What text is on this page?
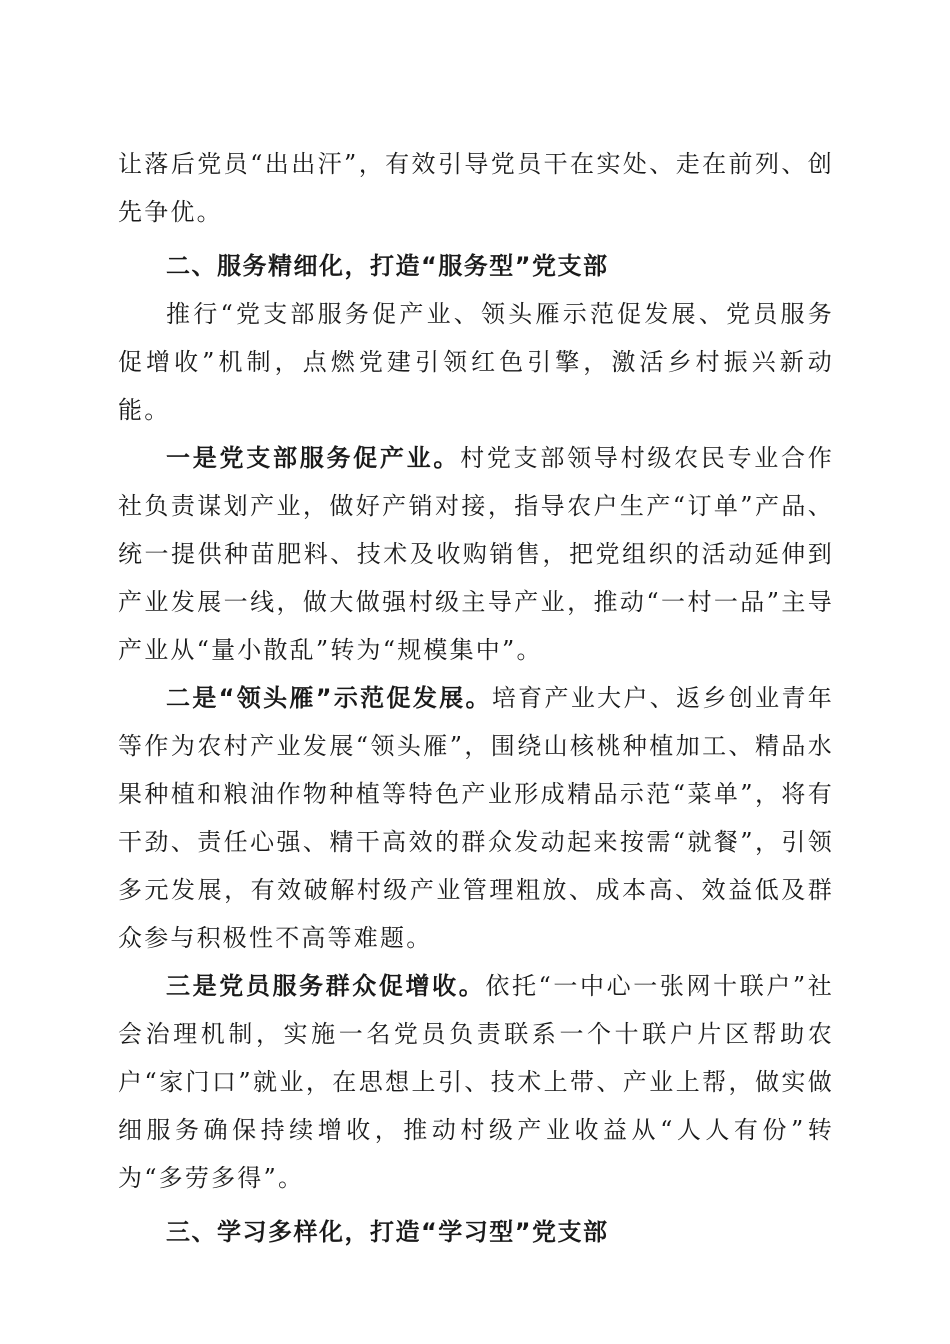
让落后党员“出出汗”，有效引导党员干在实处、走在前列、创先争优。

二、服务精细化，打造“服务型”党支部

推行“党支部服务促产业、领头雁示范促发展、党员服务促增收”机制，点燃党建引领红色引擎，激活乡村振兴新动能。

一是党支部服务促产业。村党支部领导村级农民专业合作社负责谋划产业，做好产销对接，指导农户生产“订单”产品、统一提供种苗肥料、技术及收购销售，把党组织的活动延伸到产业发展一线，做大做强村级主导产业，推动“一村一品”主导产业从“量小散乱”转为“规模集中”。

二是“领头雁”示范促发展。培育产业大户、返乡创业青年等作为农村产业发展“领头雁”，围绕山核桃种植加工、精品水果种植和粮油作物种植等特色产业形成精品示范“菜单”，将有干劲、责任心强、精干高效的群众发动起来按需“就餐”，引领多元发展，有效破解村级产业管理粗放、成本高、效益低及群众参与积极性不高等难题。

三是党员服务群众促增收。依托“一中心一张网十联户”社会治理机制，实施一名党员负责联系一个十联户片区帮助农户“家门口”就业，在思想上引、技术上带、产业上帮，做实做细服务确保持续增收，推动村级产业收益从“人人有份”转为“多劳多得”。

三、学习多样化，打造“学习型”党支部
